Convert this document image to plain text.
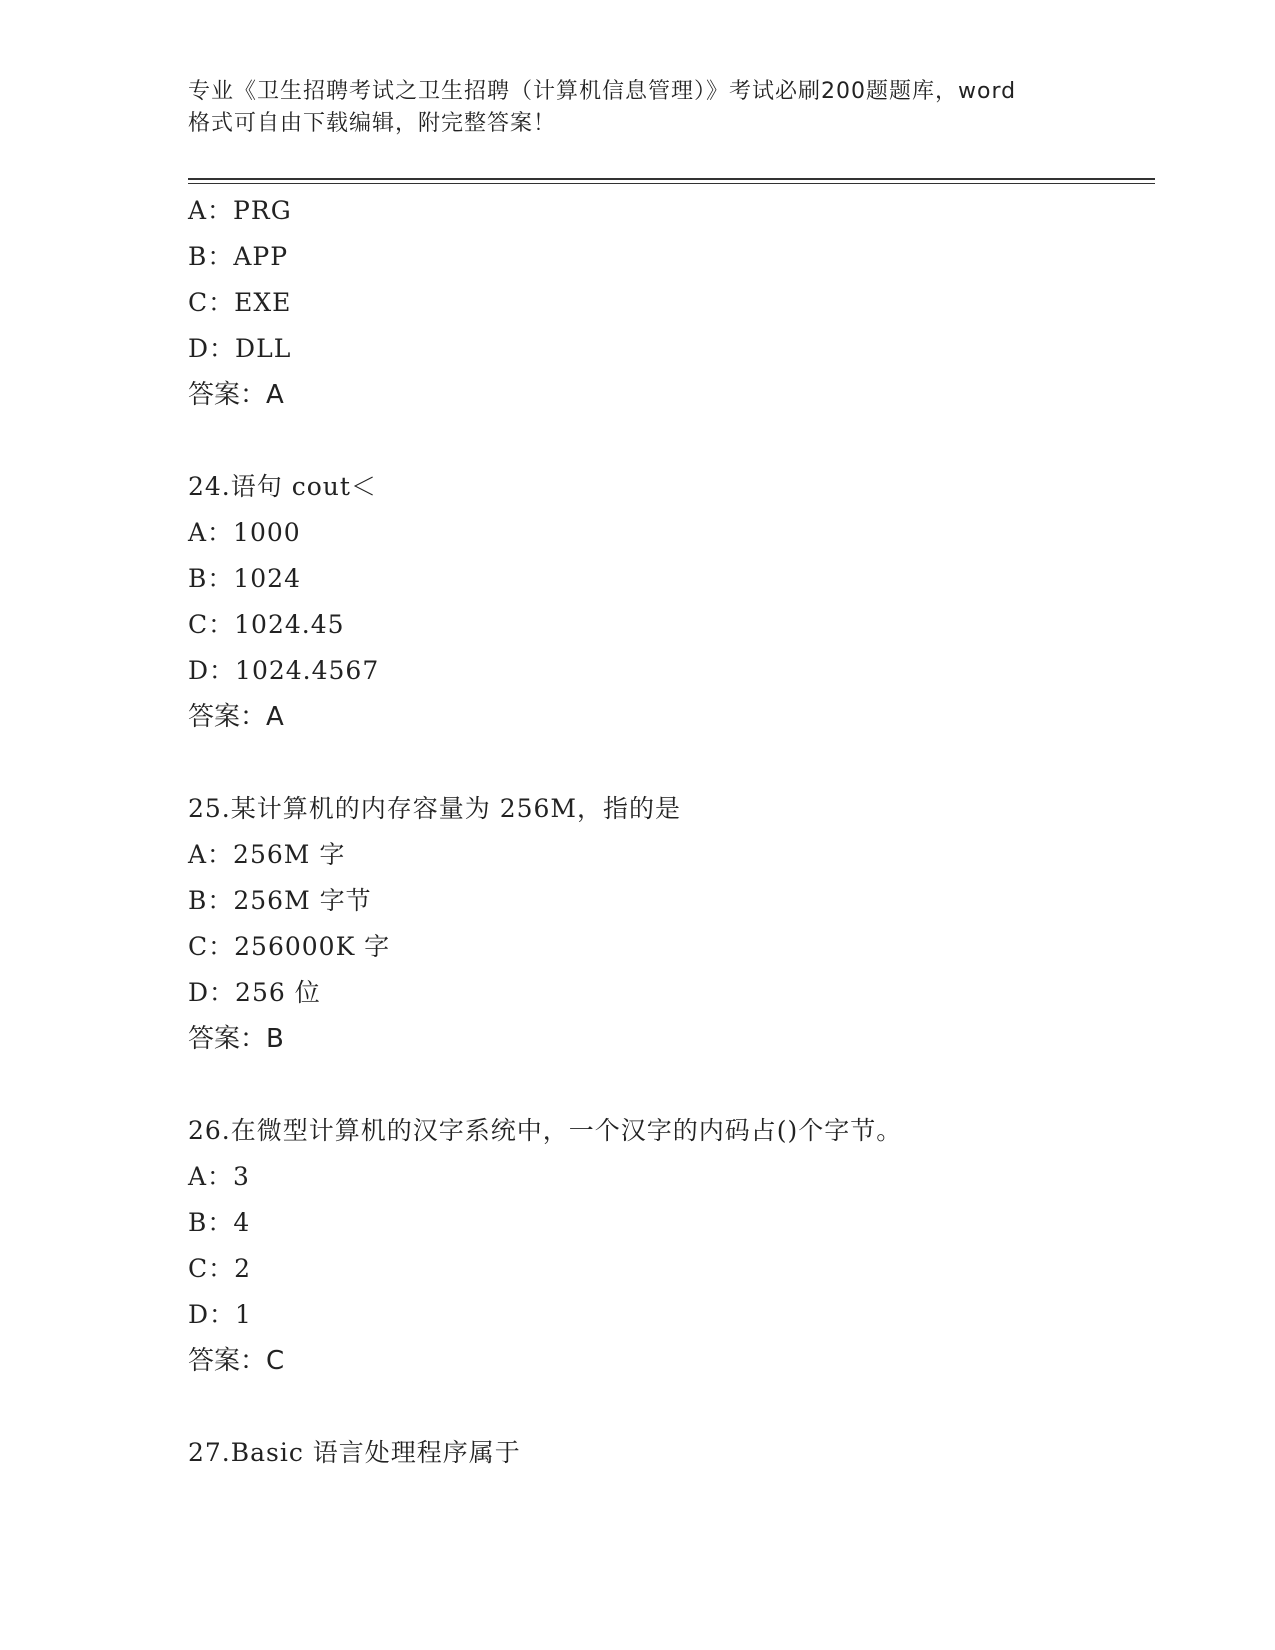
专业《卫生招聘考试之卫生招聘（计算机信息管理）》考试必刷200题题库，word
格式可自由下载编辑，附完整答案！
A：PRG
B：APP
C：EXE
D：DLL
答案：A
24.语句 cout＜
A：1000
B：1024
C：1024.45
D：1024.4567
答案：A
25.某计算机的内存容量为 256M，指的是
A：256M 字
B：256M 字节
C：256000K 字
D：256 位
答案：B
26.在微型计算机的汉字系统中，一个汉字的内码占()个字节。
A：3
B：4
C：2
D：1
答案：C
27.Basic 语言处理程序属于
